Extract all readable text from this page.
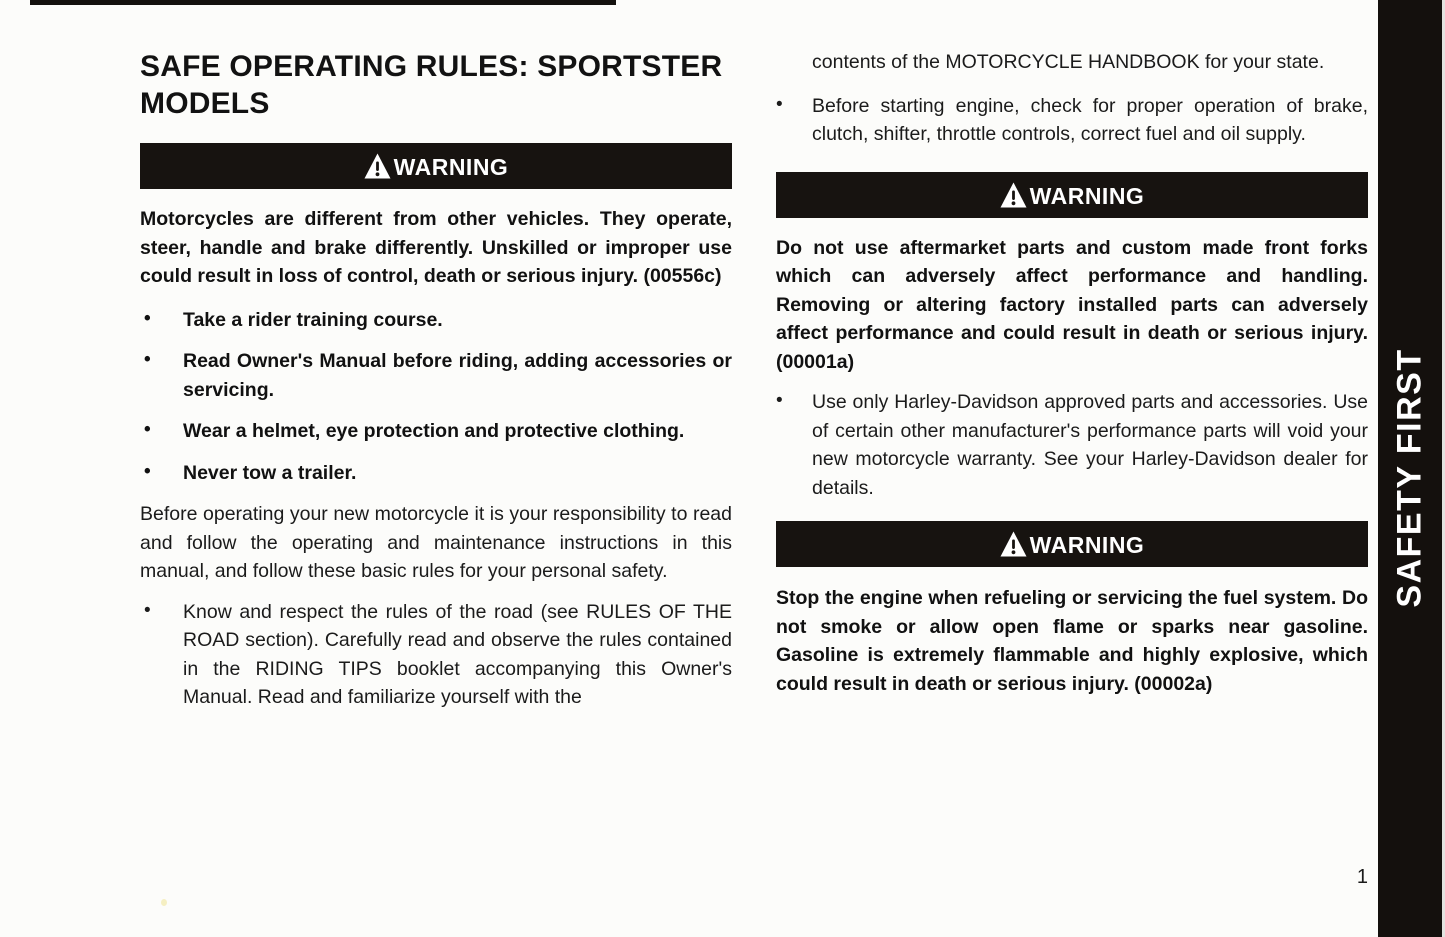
SAFE OPERATING RULES: SPORTSTER MODELS
WARNING

Motorcycles are different from other vehicles. They operate, steer, handle and brake differently. Unskilled or improper use could result in loss of control, death or serious injury. (00556c)

• Take a rider training course.
• Read Owner's Manual before riding, adding accessories or servicing.
• Wear a helmet, eye protection and protective clothing.
• Never tow a trailer.

Before operating your new motorcycle it is your responsibility to read and follow the operating and maintenance instructions in this manual, and follow these basic rules for your personal safety.

• Know and respect the rules of the road (see RULES OF THE ROAD section). Carefully read and observe the rules contained in the RIDING TIPS booklet accompanying this Owner's Manual. Read and familiarize yourself with the

contents of the MOTORCYCLE HANDBOOK for your state.

• Before starting engine, check for proper operation of brake, clutch, shifter, throttle controls, correct fuel and oil supply.
WARNING

Do not use aftermarket parts and custom made front forks which can adversely affect performance and handling. Removing or altering factory installed parts can adversely affect performance and could result in death or serious injury. (00001a)

• Use only Harley-Davidson approved parts and accessories. Use of certain other manufacturer's performance parts will void your new motorcycle warranty. See your Harley-Davidson dealer for details.
WARNING

Stop the engine when refueling or servicing the fuel system. Do not smoke or allow open flame or sparks near gasoline. Gasoline is extremely flammable and highly explosive, which could result in death or serious injury. (00002a)

1
SAFETY FIRST
